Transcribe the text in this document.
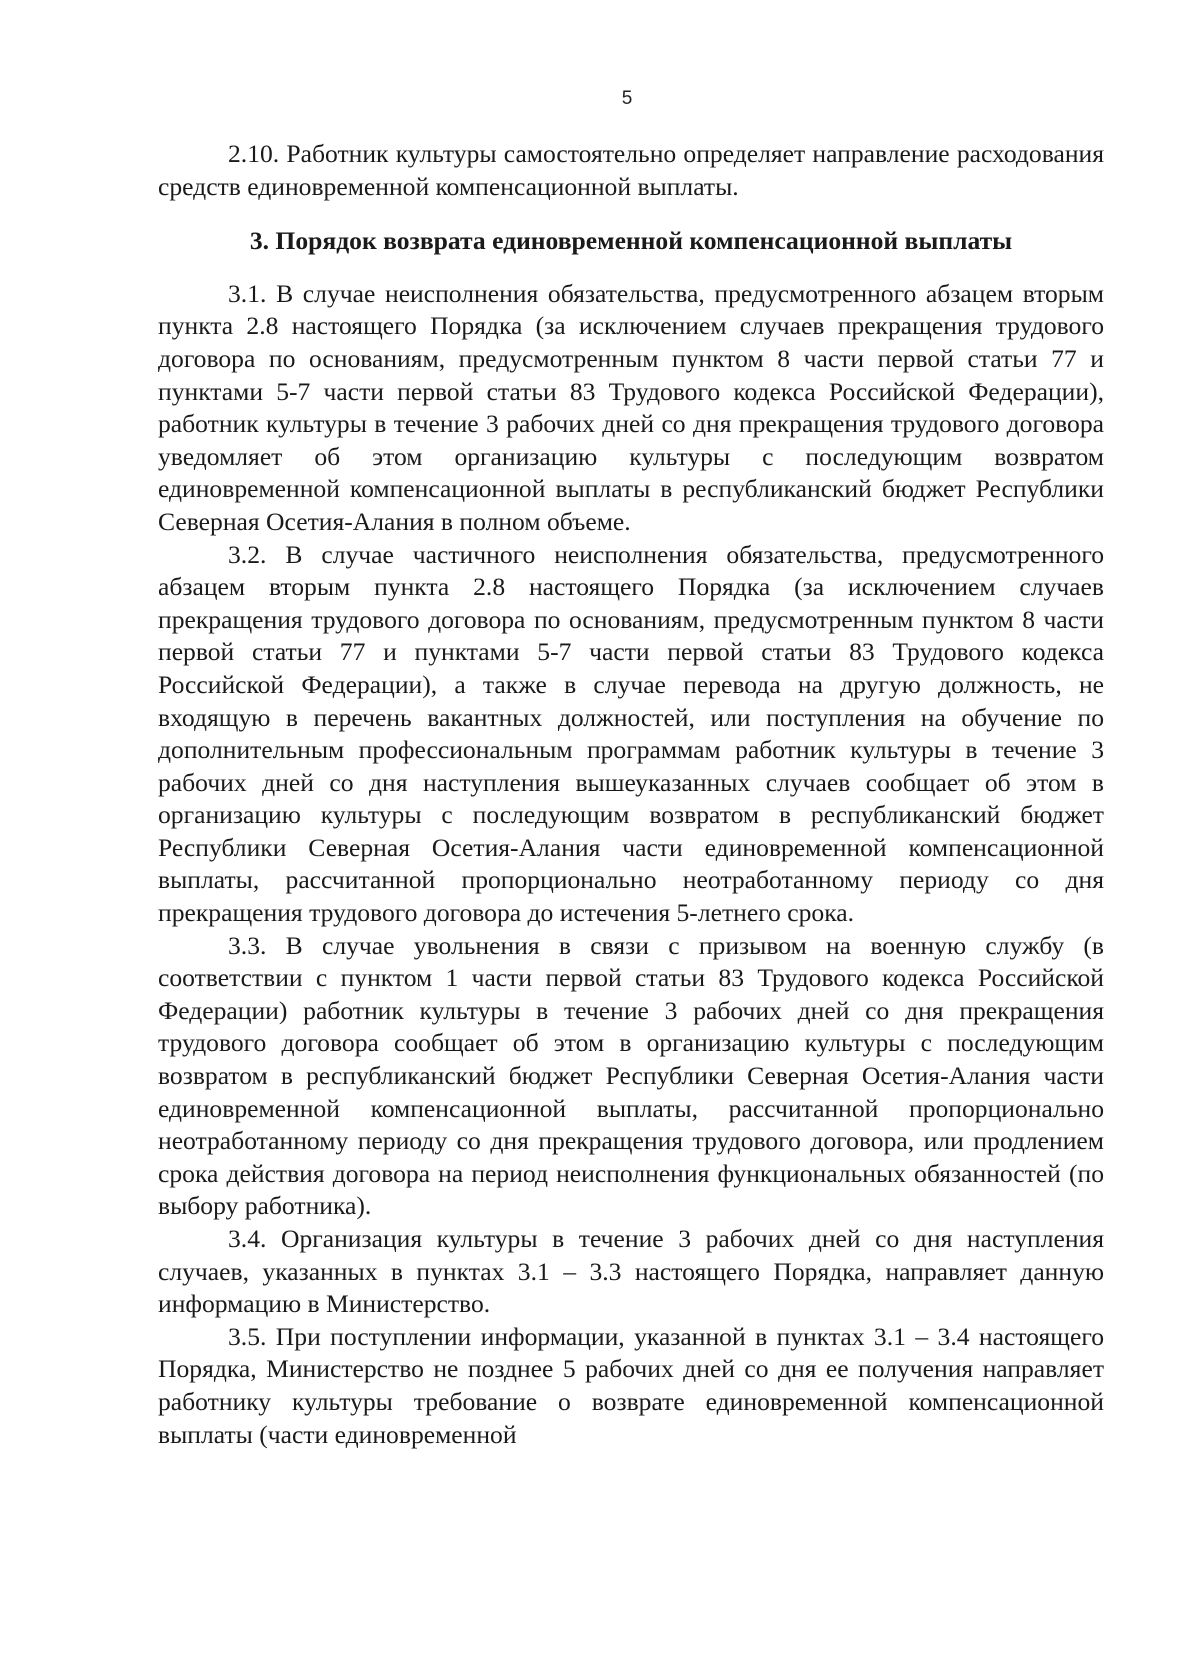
5

2.10. Работник культуры самостоятельно определяет направление расходования средств единовременной компенсационной выплаты.

3. Порядок возврата единовременной компенсационной выплаты

3.1. В случае неисполнения обязательства, предусмотренного абзацем вторым пункта 2.8 настоящего Порядка (за исключением случаев прекращения трудового договора по основаниям, предусмотренным пунктом 8 части первой статьи 77 и пунктами 5-7 части первой статьи 83 Трудового кодекса Российской Федерации), работник культуры в течение 3 рабочих дней со дня прекращения трудового договора уведомляет об этом организацию культуры с последующим возвратом единовременной компенсационной выплаты в республиканский бюджет Республики Северная Осетия-Алания в полном объеме.

3.2. В случае частичного неисполнения обязательства, предусмотренного абзацем вторым пункта 2.8 настоящего Порядка (за исключением случаев прекращения трудового договора по основаниям, предусмотренным пунктом 8 части первой статьи 77 и пунктами 5-7 части первой статьи 83 Трудового кодекса Российской Федерации), а также в случае перевода на другую должность, не входящую в перечень вакантных должностей, или поступления на обучение по дополнительным профессиональным программам работник культуры в течение 3 рабочих дней со дня наступления вышеуказанных случаев сообщает об этом в организацию культуры с последующим возвратом в республиканский бюджет Республики Северная Осетия-Алания части единовременной компенсационной выплаты, рассчитанной пропорционально неотработанному периоду со дня прекращения трудового договора до истечения 5-летнего срока.

3.3. В случае увольнения в связи с призывом на военную службу (в соответствии с пунктом 1 части первой статьи 83 Трудового кодекса Российской Федерации) работник культуры в течение 3 рабочих дней со дня прекращения трудового договора сообщает об этом в организацию культуры с последующим возвратом в республиканский бюджет Республики Северная Осетия-Алания части единовременной компенсационной выплаты, рассчитанной пропорционально неотработанному периоду со дня прекращения трудового договора, или продлением срока действия договора на период неисполнения функциональных обязанностей (по выбору работника).

3.4. Организация культуры в течение 3 рабочих дней со дня наступления случаев, указанных в пунктах 3.1 – 3.3 настоящего Порядка, направляет данную информацию в Министерство.

3.5. При поступлении информации, указанной в пунктах 3.1 – 3.4 настоящего Порядка, Министерство не позднее 5 рабочих дней со дня ее получения направляет работнику культуры требование о возврате единовременной компенсационной выплаты (части единовременной
